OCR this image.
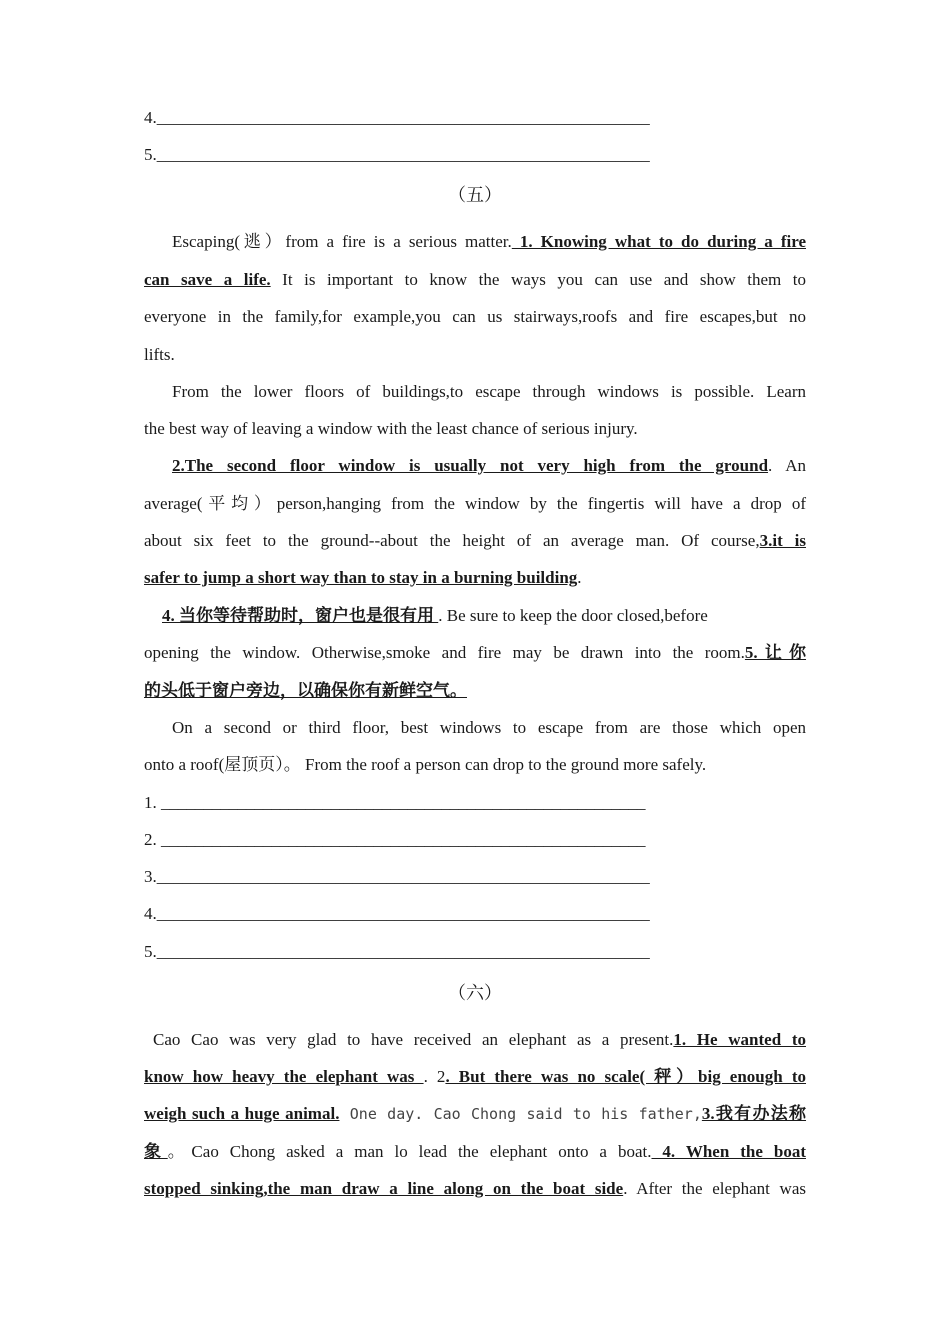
4.__________________________________________________________
5.__________________________________________________________
（五）
Escaping(逃）from a fire is a serious matter. 1. Knowing what to do during a fire
can save a life. It is important to know the ways you can use and show them to
everyone in the family,for example,you can us stairways,roofs and fire escapes,but no
lifts.
From the lower floors of buildings,to escape through windows is possible. Learn
the best way of leaving a window with the least chance of serious injury.
2.The second floor window is usually not very high from the ground. An
average(平均）person,hanging from the window by the fingertis will have a drop of
about six feet to the ground--about the height of an average man. Of course,3.it is
safer to jump a short way than to stay in a burning building.
4. 当你等待帮助时，窗户也是很有用 . Be sure to keep the door closed,before
opening the window. Otherwise,smoke and fire may be drawn into the room.5.让你
的头低于窗户旁边，以确保你有新鲜空气。
On a second or third floor, best windows to escape from are those which open
onto a roof(屋顶页）。 From the roof a person can drop to the ground more safely.
1. _________________________________________________________
2. _________________________________________________________
3.__________________________________________________________
4.__________________________________________________________
5.__________________________________________________________
（六）
Cao Cao was very glad to have received an elephant as a present.1. He wanted to
know how heavy the elephant was . 2. But there was no scale( 秤）big enough to
weigh such a huge animal. One day. Cao Chong said to his father,3.我有办法称
象。Cao Chong asked a man lo lead the elephant onto a boat. 4. When the boat
stopped sinking,the man draw a line along on the boat side. After the elephant was
